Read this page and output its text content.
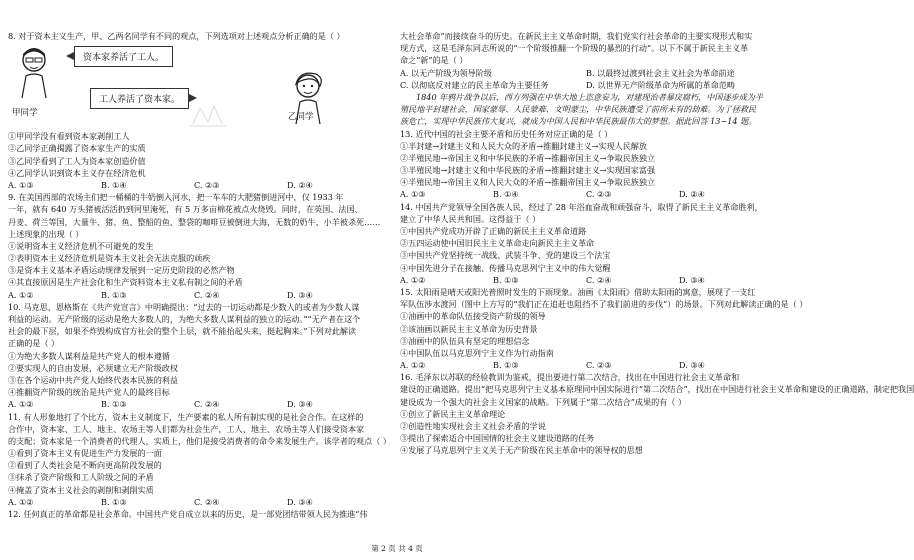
8. 对于资本主义生产，甲、乙两名同学有不同的观点，下列选项对上述观点分析正确的是（ ）
资本家养活了工人。
工人养活了资本家。
甲同学	乙同学
①甲同学没有看到资本家剥削工人
②乙同学正确揭露了资本家生产的实质
③乙同学看到了工人为资本家创造价值
④乙同学认识到资本主义存在经济危机
A. ①③	B. ①④	C. ②③	D. ②④
9. 在美国西部的农场主们把一桶桶的牛奶倒入河水，把一车车的大肥猪倒进河中，仅 1933 年
一年，就有 640 万头猪被活活扔到河里淹死，有 5 万多亩棉花被点火烧毁。同时，在英国、法国、
丹麦、荷兰等国，大量牛、猪、鱼、整船的鱼、整袋的咖啡豆被倒进大海，无数的奶牛、小羊被杀死……
上述现象的出现（ ）
①说明资本主义经济危机不可避免的发生
②表明资本主义经济危机是资本主义社会无法克服的顽疾
③是资本主义基本矛盾运动规律发展到一定历史阶段的必然产物
④其直接原因是生产社会化和生产资料资本主义私有制之间的矛盾
A. ①②	B. ①③	C. ②④	D. ③④
10. 马克思、恩格斯在《共产党宣言》中明确提出：“过去的一切运动都是少数人的或者为少数人谋
利益的运动。无产阶级的运动是绝大多数人的，为绝大多数人谋利益的独立的运动。”“无产者在这个
社会的最下层，如果不炸毁构成官方社会的整个上层，就不能抬起头来，挺起胸来。”下列对此解读
正确的是（ ）
①为绝大多数人谋利益是共产党人的根本遵循
②要实现人的自由发展，必须建立无产阶级政权
③在各个运动中共产党人始终代表本民族的利益
④推翻资产阶级的统治是共产党人的最终目标
A. ①②	B. ①③	C. ②④	D. ③④
11. 有人形象地打了个比方，资本主义制度下，生产要素的私人所有制实现的是社会合作。在这样的
合作中，资本家、工人、地主、农场主等人们都为社会生产，工人、地主、农场主等人们接受资本家
的支配；资本家是一个消费者的代理人，实质上，他们是接受消费者的命令来发展生产。该学者的观点（ ）
①看到了资本主义有促进生产力发展的一面
②看到了人类社会是不断向更高阶段发展的
③抹杀了资产阶级和工人阶级之间的矛盾
④掩盖了资本主义社会的剥削和剥削实质
A. ①②	B. ①③	C. ②④	D. ③④
12. 任何真正的革命都是社会革命。中国共产党自成立以来的历史，是一部党团结带领人民为推進“伟
大社会革命”而接续奋斗的历史。在新民主主义革命时期，我们党实行社会革命的主要实现形式和实
现方式，这是毛泽东同志所说的“一个阶级推翻一个阶级的暴烈的行动”。以下不属于新民主主义革
命之“新”的是（ ）
A. 以无产阶级为领导阶级	B. 以最终过渡到社会主义社会为革命前途
C. 以彻底反对建立的民主革命为主要任务	D. 以世界无产阶级革命为所属的革命范畴
1840 年鸦片战争以后，西方列强在中华大地上恣意妄为，对建现治者暴戾腐朽，中国逐步成为半
殖民地半封建社会，国家蒙辱、人民蒙难、文明蒙尘，中华民族遭受了前所未有的劫难。为了拯救民
族危亡，实现中华民族伟大复兴，就成为中国人民和中华民族最伟大的梦想。据此回答 13~14 题。
13. 近代中国的社会主要矛盾和历史任务对应正确的是（ ）
①半封建→封建主义和人民大众的矛盾→推翻封建主义→实现人民解放
②半殖民地→帝国主义和中华民族的矛盾→推翻帝国主义→争取民族独立
③半殖民地→封建主义和中华民族的矛盾→推翻封建主义→实现国家富强
④半殖民地→帝国主义和人民大众的矛盾→推翻帝国主义→争取民族独立
A. ①③	B. ①④	C. ②③	D. ②④
14. 中国共产党领导全国各族人民，经过了 28 年浴血奋战和顽强奋斗，取得了新民主主义革命胜利，
建立了中华人民共和国。这得益于（ ）
①中国共产党成功开辟了正确的新民主主义革命道路
②五四运动使中国旧民主主义革命走向新民主主义革命
③中国共产党坚持统一战线、武装斗争、党的建设三个法宝
④中国先进分子在接触、传播马克思列宁主义中的伟大觉醒
A. ①②	B. ①③	C. ②④	D. ③④
15. 太阳雨是晴天或阳光普照时发生的下雨现象。油画《太阳雨》借助太阳雨的寓意，展现了一支红
军队伍涉水渡河（图中上方写的“我们正在追赶也阻挡不了我们前进的步伐”）的场景。下列对此解读正确的是（ ）
①油画中的革命队伍接受资产阶级的领导
②该油画以新民主主义革命为历史背景
③油画中的队伍具有坚定的理想信念
④中国队伍以马克思列宁主义作为行动指南
A. ①②	B. ①③	C. ②③	D. ③④
16. 毛泽东以苏联的经验教训为鉴戒，提出要进行第二次结合，找出在中国进行社会主义革命和
建设的正确道路。提出“把马克思列宁主义基本原理同中国实际进行“第二次结合”，找出在中国进行社会主义革命和建设的正确道路，制定把我国
建设成为一个强大的社会主义国家的战略。下列属于“第二次结合”成果的有（ ）
①创立了新民主主义革命理论
②创造性地实现社会主义社会矛盾的学说
③提出了探索适合中国国情的社会主义建设道路的任务
④发展了马克思列宁主义关于无产阶级在民主革命中的领导权的思想
第 2 页 共 4 页
